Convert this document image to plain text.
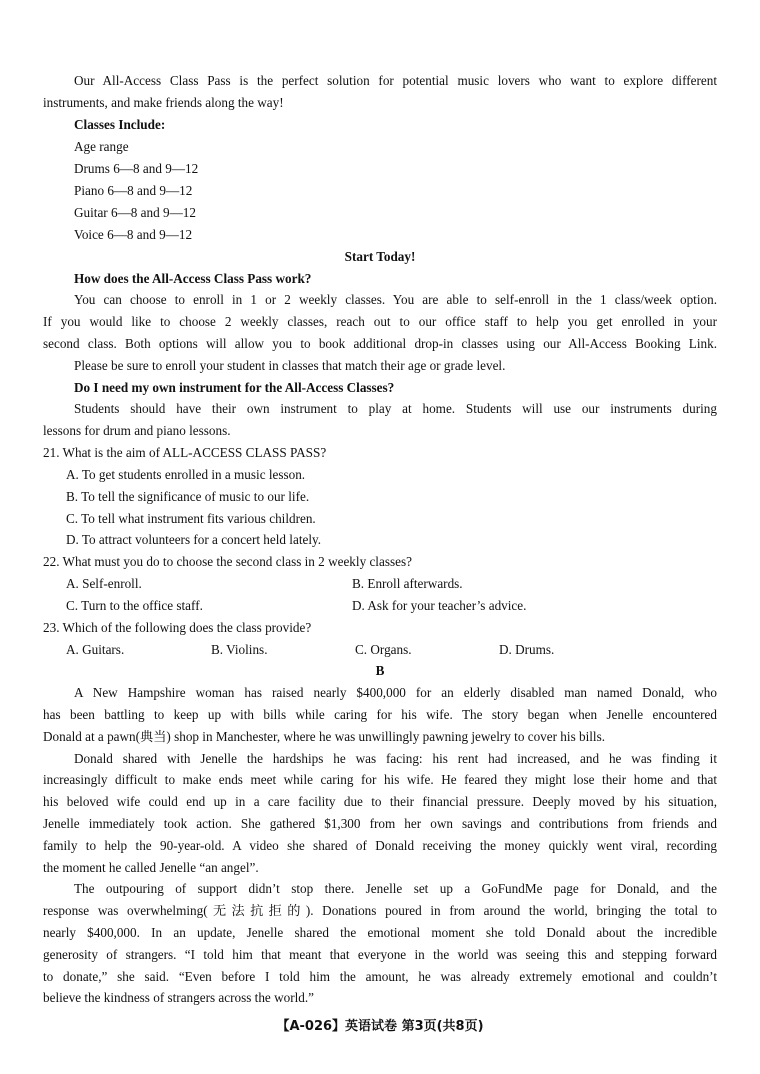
Our All-Access Class Pass is the perfect solution for potential music lovers who want to explore different
instruments, and make friends along the way!
Classes Include:
Age range
Drums 6—8 and 9—12
Piano 6—8 and 9—12
Guitar 6—8 and 9—12
Voice 6—8 and 9—12
Start Today!
How does the All-Access Class Pass work?
You can choose to enroll in 1 or 2 weekly classes. You are able to self-enroll in the 1 class/week option.
If you would like to choose 2 weekly classes, reach out to our office staff to help you get enrolled in your
second class. Both options will allow you to book additional drop-in classes using our All-Access Booking Link.
Please be sure to enroll your student in classes that match their age or grade level.
Do I need my own instrument for the All-Access Classes?
Students should have their own instrument to play at home. Students will use our instruments during
lessons for drum and piano lessons.
21. What is the aim of ALL-ACCESS CLASS PASS?
A. To get students enrolled in a music lesson.
B. To tell the significance of music to our life.
C. To tell what instrument fits various children.
D. To attract volunteers for a concert held lately.
22. What must you do to choose the second class in 2 weekly classes?
A. Self-enroll.	B. Enroll afterwards.
C. Turn to the office staff.	D. Ask for your teacher’s advice.
23. Which of the following does the class provide?
A. Guitars.	B. Violins.	C. Organs.	D. Drums.
B
A New Hampshire woman has raised nearly $400,000 for an elderly disabled man named Donald, who
has been battling to keep up with bills while caring for his wife. The story began when Jenelle encountered
Donald at a pawn(典当) shop in Manchester, where he was unwillingly pawning jewelry to cover his bills.
Donald shared with Jenelle the hardships he was facing: his rent had increased, and he was finding it
increasingly difficult to make ends meet while caring for his wife. He feared they might lose their home and that
his beloved wife could end up in a care facility due to their financial pressure. Deeply moved by his situation,
Jenelle immediately took action. She gathered $1,300 from her own savings and contributions from friends and
family to help the 90-year-old. A video she shared of Donald receiving the money quickly went viral, recording
the moment he called Jenelle “an angel”.
The outpouring of support didn’t stop there. Jenelle set up a GoFundMe page for Donald, and the
response was overwhelming(无法抗拒的). Donations poured in from around the world, bringing the total to
nearly $400,000. In an update, Jenelle shared the emotional moment she told Donald about the incredible
generosity of strangers. “I told him that meant that everyone in the world was seeing this and stepping forward
to donate,” she said. “Even before I told him the amount, he was already extremely emotional and couldn’t
believe the kindness of strangers across the world.”
【A-026】英语试卷 第3页(共8页)
